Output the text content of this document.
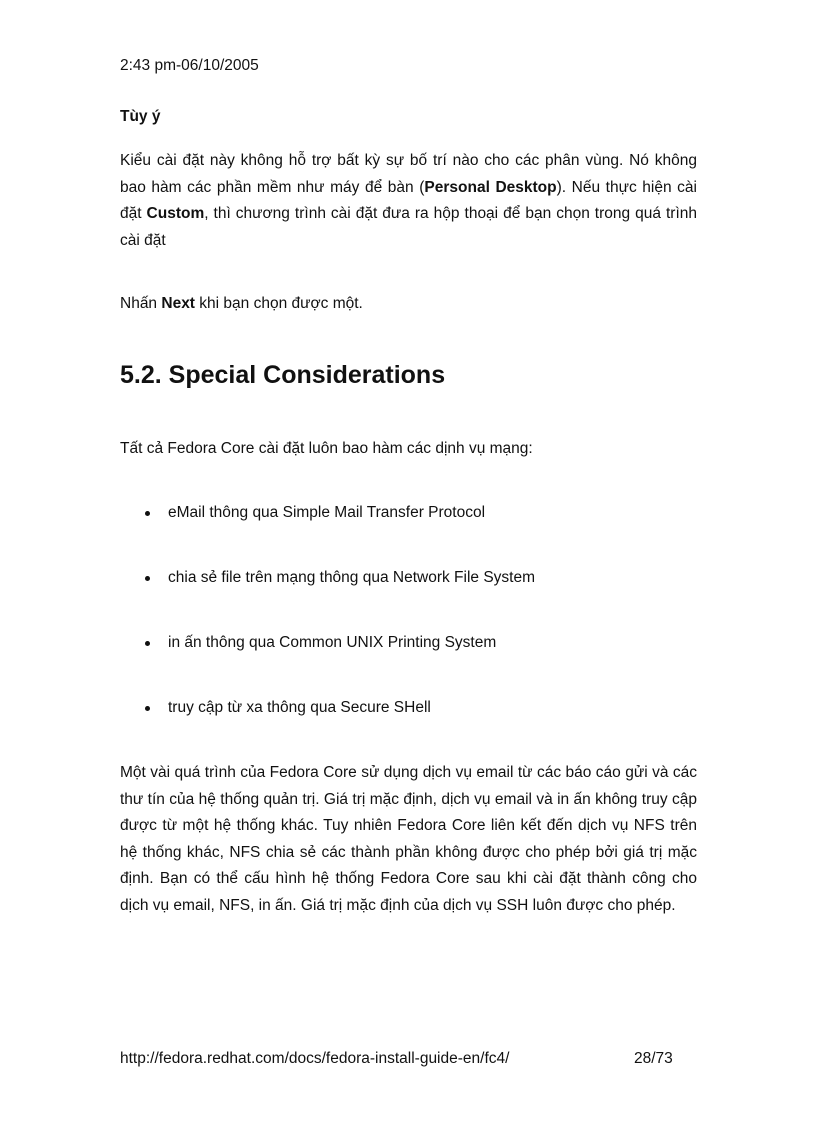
2:43 pm-06/10/2005
Tùy ý
Kiểu cài đặt này không hỗ trợ bất kỳ sự bố trí nào cho các phân vùng. Nó không bao hàm các phần mềm như máy để bàn (Personal Desktop). Nếu thực hiện cài đặt Custom, thì chương trình cài đặt đưa ra hộp thoại để bạn chọn trong quá trình cài đặt
Nhấn Next khi bạn chọn được một.
5.2. Special Considerations
Tất cả Fedora Core cài đặt luôn bao hàm các dịnh vụ mạng:
eMail thông qua Simple Mail Transfer Protocol
chia sẻ file trên mạng thông qua Network File System
in ấn thông qua Common UNIX Printing System
truy cập từ xa thông qua Secure SHell
Một vài quá trình của Fedora Core sử dụng dịch vụ email từ các báo cáo gửi và các thư tín của hệ thống quản trị. Giá trị mặc định, dịch vụ email và in ấn không truy cập được từ một hệ thống khác. Tuy nhiên Fedora Core liên kết đến dịch vụ NFS trên hệ thống khác, NFS chia sẻ các thành phần không được cho phép bởi giá trị mặc định. Bạn có thể cấu hình hệ thống Fedora Core sau khi cài đặt thành công cho dịch vụ email, NFS, in ấn. Giá trị mặc định của dịch vụ SSH luôn được cho phép.
http://fedora.redhat.com/docs/fedora-install-guide-en/fc4/	28/73
